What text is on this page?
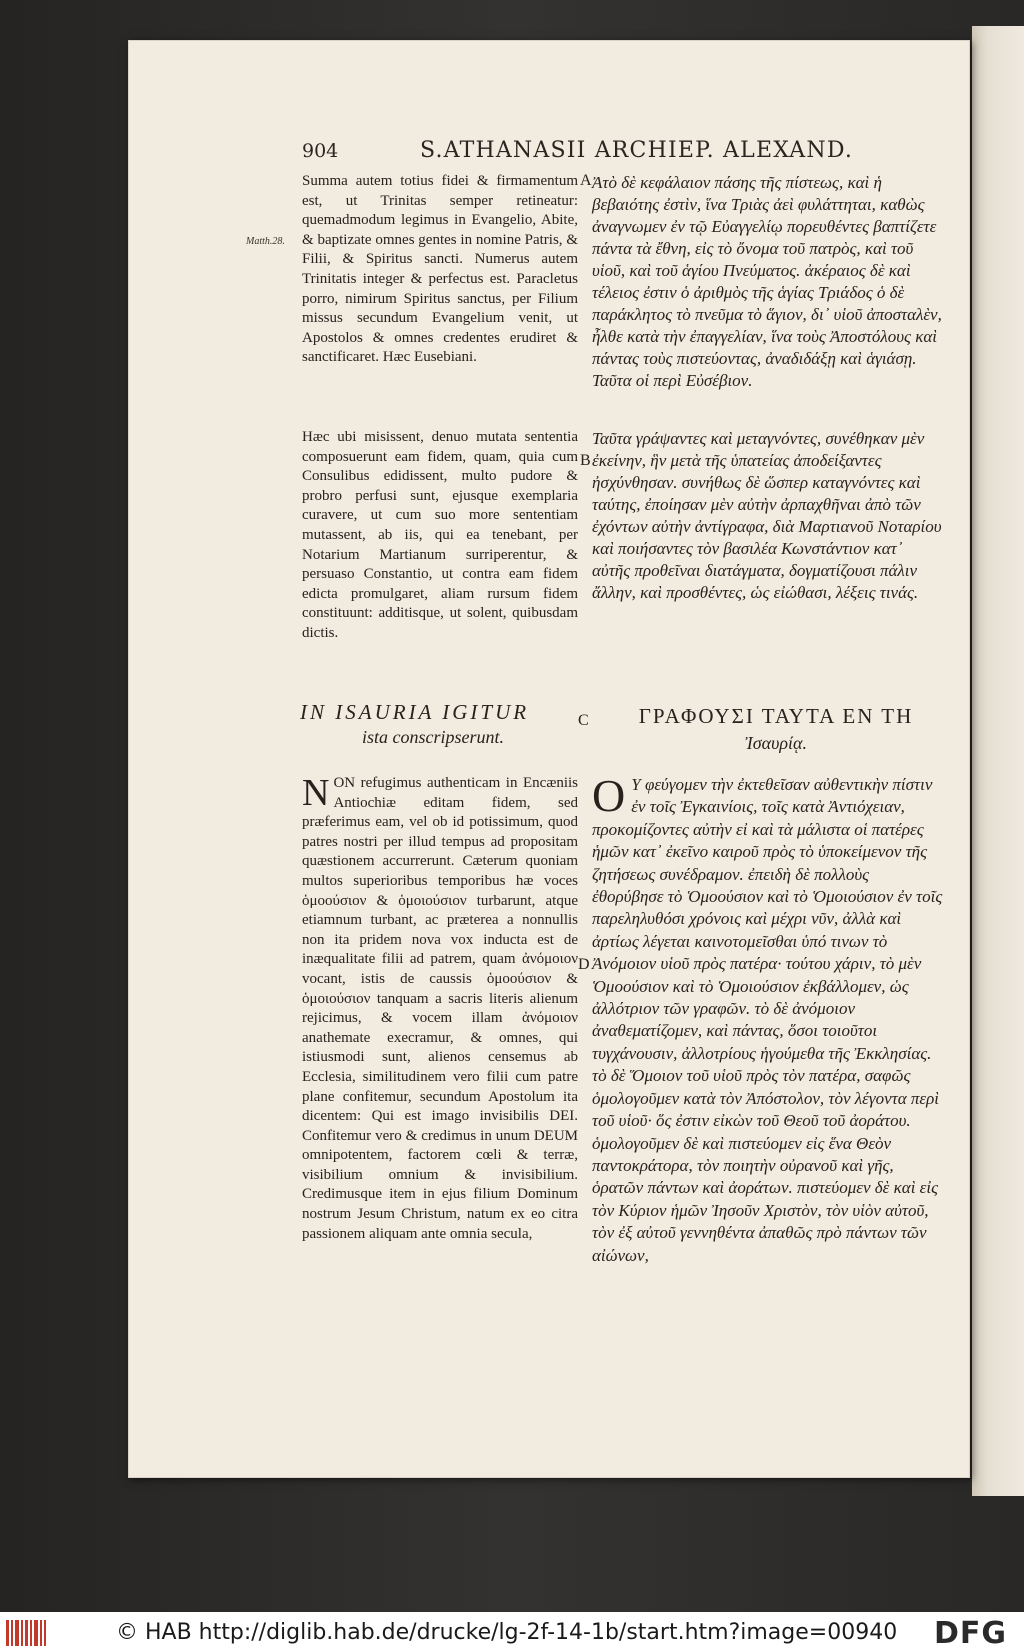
904	S.ATHANASII ARCHIEP. ALEXAND.
Matth.28.
A
B
C
D
Summa autem totius fidei & firmamentum est, ut Trinitas semper retineatur: quemadmodum legimus in Evangelio, Abite, & baptizate omnes gentes in nomine Patris, & Filii, & Spiritus sancti. Numerus autem Trinitatis integer & perfectus est. Paracletus porro, nimirum Spiritus sanctus, per Filium missus secundum Evangelium venit, ut Apostolos & omnes credentes erudiret & sanctificaret. Hæc Eusebiani.
Ἀτὸ δὲ κεφάλαιον πάσης τῆς πίστεως, καὶ ἡ βεβαιότης ἐστὶν, ἵνα Τριὰς ἀεὶ φυλάττηται, καθὼς ἀναγνωμεν ἐν τῷ Εὐαγγελίῳ πορευθέντες βαπτίζετε πάντα τὰ ἔθνη, εἰς τὸ ὄνομα τοῦ πατρὸς, καὶ τοῦ υἱοῦ, καὶ τοῦ ἁγίου Πνεύματος. ἀκέραιος δὲ καὶ τέλειος ἐστιν ὁ ἀριθμὸς τῆς ἁγίας Τριάδος ὁ δὲ παράκλητος τὸ πνεῦμα τὸ ἅγιον, δι᾽ υἱοῦ ἀποσταλὲν, ἦλθε κατὰ τὴν ἐπαγγελίαν, ἵνα τοὺς Ἀποστόλους καὶ πάντας τοὺς πιστεύοντας, ἀναδιδάξῃ καὶ ἁγιάσῃ. Ταῦτα οἱ περὶ Εὐσέβιον.
Hæc ubi misissent, denuo mutata sententia composuerunt eam fidem, quam, quia cum Consulibus edidissent, multo pudore & probro perfusi sunt, ejusque exemplaria curavere, ut cum suo more sententiam mutassent, ab iis, qui ea tenebant, per Notarium Martianum surriperentur, & persuaso Constantio, ut contra eam fidem edicta promulgaret, aliam rursum fidem constituunt: additisque, ut solent, quibusdam dictis.
Ταῦτα γράψαντες καὶ μεταγνόντες, συνέθηκαν μὲν ἐκείνην, ἣν μετὰ τῆς ὑπατείας ἀποδείξαντες ἠσχύνθησαν. συνήθως δὲ ὥσπερ καταγνόντες καὶ ταύτης, ἐποίησαν μὲν αὐτὴν ἀρπαχθῆναι ἀπὸ τῶν ἐχόντων αὐτὴν ἀντίγραφα, διὰ Μαρτιανοῦ Νοταρίου καὶ ποιήσαντες τὸν βασιλέα Κωνστάντιον κατ᾽ αὐτῆς προθεῖναι διατάγματα, δογματίζουσι πάλιν ἄλλην, καὶ προσθέντες, ὡς εἰώθασι, λέξεις τινάς.
IN ISAURIA IGITUR
ista conscripserunt.
ΓΡΑΦΟΥΣΙ ΤΑΥΤΑ ΕΝ ΤΗ
Ἰσαυρίᾳ.
NON refugimus authenticam in Encæniis Antiochiæ editam fidem, sed præferimus eam, vel ob id potissimum, quod patres nostri per illud tempus ad propositam quæstionem accurrerunt. Cæterum quoniam multos superioribus temporibus hæ voces ὁμοούσιον & ὁμοιούσιον turbarunt, atque etiamnum turbant, ac præterea a nonnullis non ita pridem nova vox inducta est de inæqualitate filii ad patrem, quam ἀνόμοιον vocant, istis de caussis ὁμοούσιον & ὁμοιούσιον tanquam a sacris literis alienum rejicimus, & vocem illam ἀνόμοιον anathemate execramur, & omnes, qui istiusmodi sunt, alienos censemus ab Ecclesia, similitudinem vero filii cum patre plane confitemur, secundum Apostolum ita dicentem: Qui est imago invisibilis DEI. Confitemur vero & credimus in unum DEUM omnipotentem, factorem cœli & terræ, visibilium omnium & invisibilium. Credimusque item in ejus filium Dominum nostrum Jesum Christum, natum ex eo citra passionem aliquam ante omnia secula,
Ο Υ φεύγομεν τὴν ἐκτεθεῖσαν αὐθεντικὴν πίστιν ἐν τοῖς Ἐγκαινίοις, τοῖς κατὰ Ἀντιόχειαν, προκομίζοντες αὐτὴν εἰ καὶ τὰ μάλιστα οἱ πατέρες ἡμῶν κατ᾽ ἐκεῖνο καιροῦ πρὸς τὸ ὑποκείμενον τῆς ζητήσεως συνέδραμον. ἐπειδὴ δὲ πολλοὺς ἐθορύβησε τὸ Ὁμοούσιον καὶ τὸ Ὁμοιούσιον ἐν τοῖς παρεληλυθόσι χρόνοις καὶ μέχρι νῦν, ἀλλὰ καὶ ἀρτίως λέγεται καινοτομεῖσθαι ὑπό τινων τὸ Ἀνόμοιον υἱοῦ πρὸς πατέρα· τούτου χάριν, τὸ μὲν Ὁμοούσιον καὶ τὸ Ὁμοιούσιον ἐκβάλλομεν, ὡς ἀλλότριον τῶν γραφῶν. τὸ δὲ ἀνόμοιον ἀναθεματίζομεν, καὶ πάντας, ὅσοι τοιοῦτοι τυγχάνουσιν, ἀλλοτρίους ἡγούμεθα τῆς Ἐκκλησίας. τὸ δὲ Ὅμοιον τοῦ υἱοῦ πρὸς τὸν πατέρα, σαφῶς ὁμολογοῦμεν κατὰ τὸν Ἀπόστολον, τὸν λέγοντα περὶ τοῦ υἱοῦ· ὅς ἐστιν εἰκὼν τοῦ Θεοῦ τοῦ ἀοράτου. ὁμολογοῦμεν δὲ καὶ πιστεύομεν εἰς ἕνα Θεὸν παντοκράτορα, τὸν ποιητὴν οὐρανοῦ καὶ γῆς, ὁρατῶν πάντων καὶ ἀοράτων. πιστεύομεν δὲ καὶ εἰς τὸν Κύριον ἡμῶν Ἰησοῦν Χριστὸν, τὸν υἱὸν αὐτοῦ, τὸν ἐξ αὐτοῦ γεννηθέντα ἀπαθῶς πρὸ πάντων τῶν αἰώνων,
© HAB http://diglib.hab.de/drucke/lg-2f-14-1b/start.htm?image=00940 DFG
